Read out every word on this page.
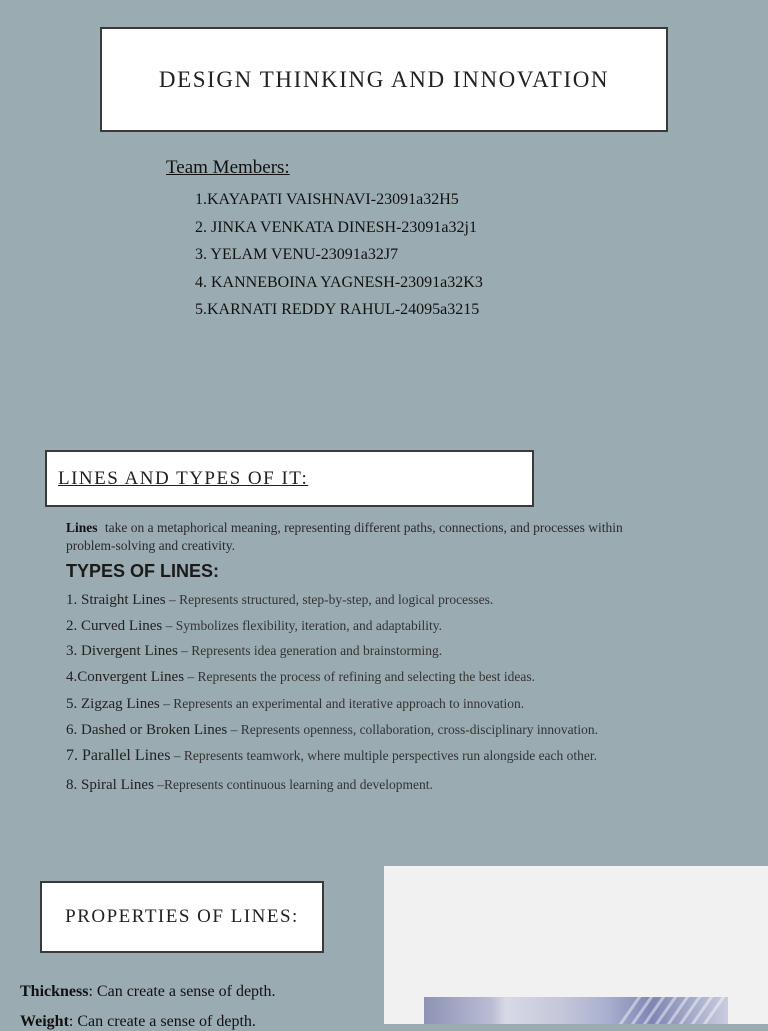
DESIGN THINKING AND INNOVATION
Team Members:
1.KAYAPATI VAISHNAVI-23091a32H5
2. JINKA VENKATA DINESH-23091a32j1
3. YELAM VENU-23091a32J7
4. KANNEBOINA YAGNESH-23091a32K3
5.KARNATI REDDY RAHUL-24095a3215
LINES AND TYPES OF IT:
Lines take on a metaphorical meaning, representing different paths, connections, and processes within problem-solving and creativity.
TYPES OF LINES:
1. Straight Lines – Represents structured, step-by-step, and logical processes.
2. Curved Lines – Symbolizes flexibility, iteration, and adaptability.
3. Divergent Lines – Represents idea generation and brainstorming.
4.Convergent Lines – Represents the process of refining and selecting the best ideas.
5. Zigzag Lines – Represents an experimental and iterative approach to innovation.
6. Dashed or Broken Lines – Represents openness, collaboration, cross-disciplinary innovation.
7. Parallel Lines – Represents teamwork, where multiple perspectives run alongside each other.
8. Spiral Lines –Represents continuous learning and development.
PROPERTIES OF LINES:
Thickness: Can create a sense of depth.
Weight: Can create a sense of depth.
